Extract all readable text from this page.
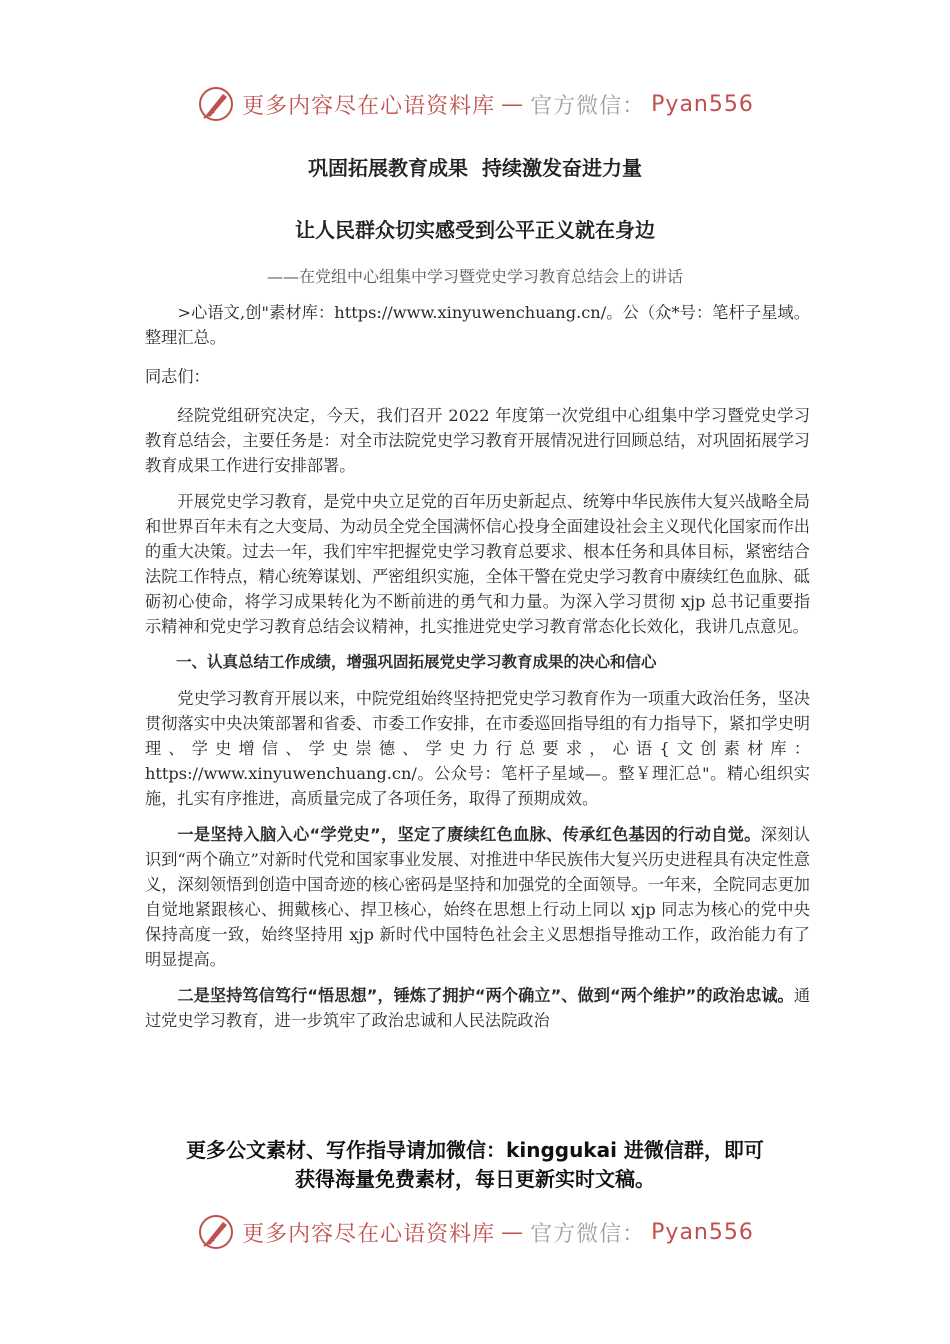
更多内容尽在心语资料库 — 官方微信： Pyan556
巩固拓展教育成果  持续激发奋进力量
让人民群众切实感受到公平正义就在身边
——在党组中心组集中学习暨党史学习教育总结会上的讲话

>心语文,创"素材库：https://www.xinyuwenchuang.cn/。公（众*号：笔杆子星域。整理汇总。

同志们：

经院党组研究决定，今天，我们召开 2022 年度第一次党组中心组集中学习暨党史学习教育总结会，主要任务是：对全市法院党史学习教育开展情况进行回顾总结，对巩固拓展学习教育成果工作进行安排部署。

开展党史学习教育，是党中央立足党的百年历史新起点、统筹中华民族伟大复兴战略全局和世界百年未有之大变局、为动员全党全国满怀信心投身全面建设社会主义现代化国家而作出的重大决策。过去一年，我们牢牢把握党史学习教育总要求、根本任务和具体目标，紧密结合法院工作特点，精心统筹谋划、严密组织实施，全体干警在党史学习教育中赓续红色血脉、砥砺初心使命，将学习成果转化为不断前进的勇气和力量。为深入学习贯彻 xjp 总书记重要指示精神和党史学习教育总结会议精神，扎实推进党史学习教育常态化长效化，我讲几点意见。

一、认真总结工作成绩，增强巩固拓展党史学习教育成果的决心和信心

党史学习教育开展以来，中院党组始终坚持把党史学习教育作为一项重大政治任务，坚决贯彻落实中央决策部署和省委、市委工作安排，在市委巡回指导组的有力指导下，紧扣学史明理、学史增信、学史崇德、学史力行总要求，心语{文创素材库：https://www.xinyuwenchuang.cn/。公众号：笔杆子星域—。整￥理汇总"。精心组织实施，扎实有序推进，高质量完成了各项任务，取得了预期成效。

一是坚持入脑入心“学党史”，坚定了赓续红色血脉、传承红色基因的行动自觉。深刻认识到“两个确立”对新时代党和国家事业发展、对推进中华民族伟大复兴历史进程具有决定性意义，深刻领悟到创造中国奇迹的核心密码是坚持和加强党的全面领导。一年来，全院同志更加自觉地紧跟核心、拥戴核心、捍卫核心，始终在思想上行动上同以 xjp 同志为核心的党中央保持高度一致，始终坚持用 xjp 新时代中国特色社会主义思想指导推动工作，政治能力有了明显提高。

二是坚持笃信笃行“悟思想”，锤炼了拥护“两个确立”、做到“两个维护”的政治忠诚。通过党史学习教育，进一步筑牢了政治忠诚和人民法院政治

更多公文素材、写作指导请加微信：kinggukai 进微信群，即可
获得海量免费素材，每日更新实时文稿。
更多内容尽在心语资料库 — 官方微信： Pyan556
